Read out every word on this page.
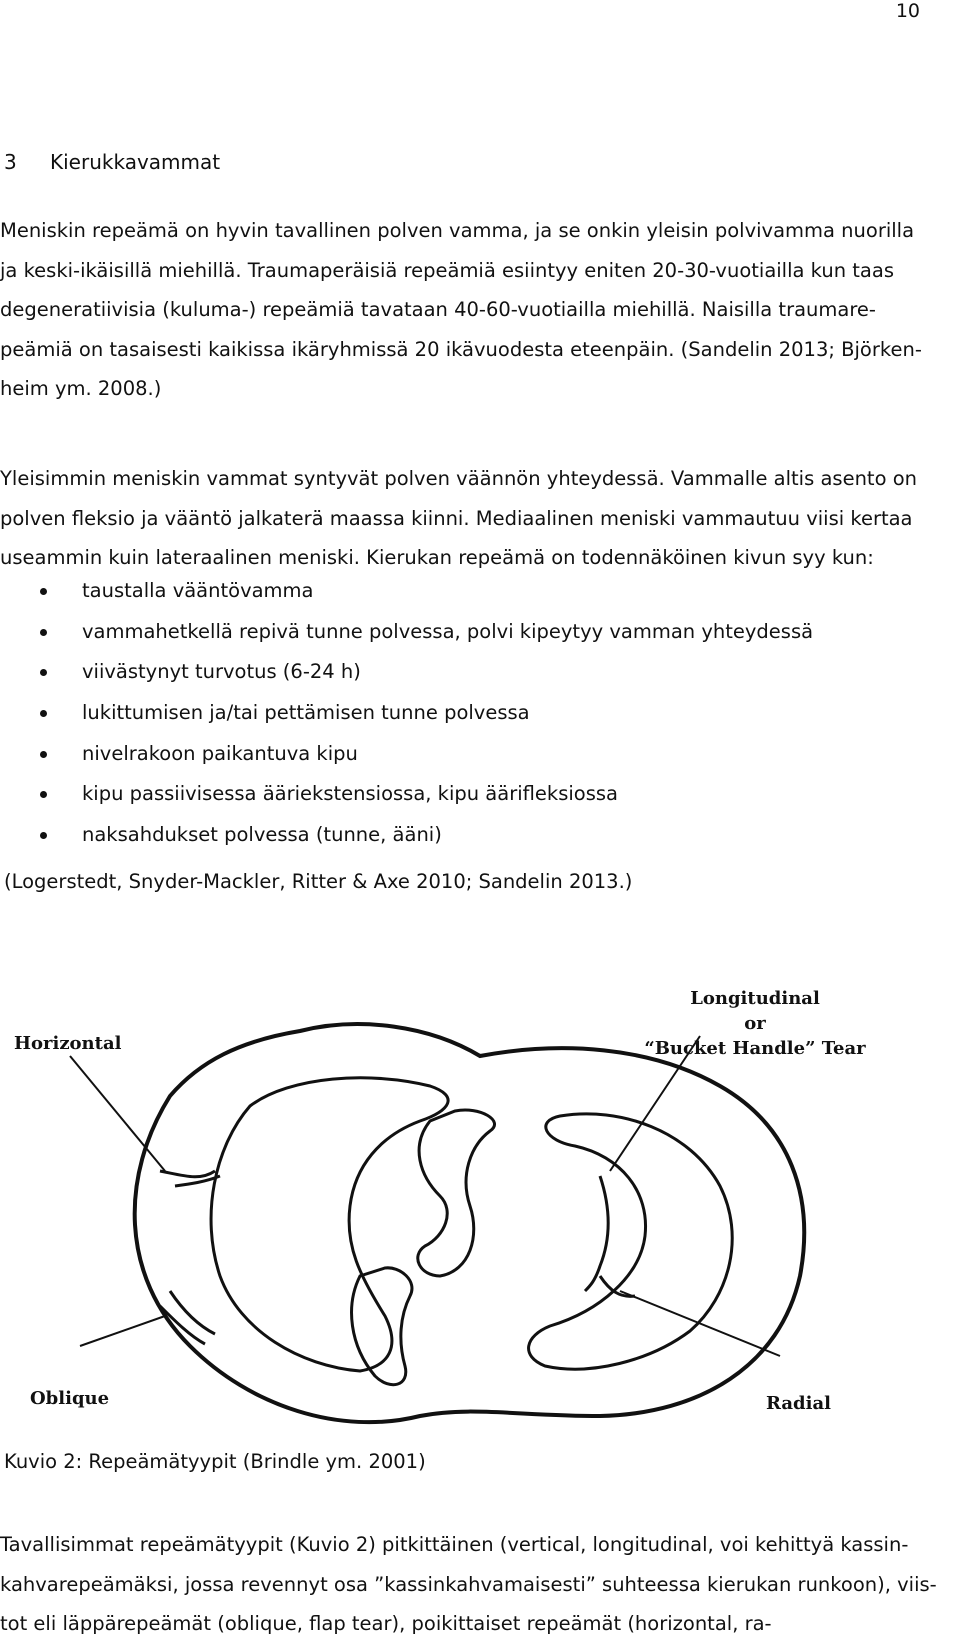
10
3 Kierukkavammat

Meniskin repeämä on hyvin tavallinen polven vamma, ja se onkin yleisin polvivamma nuorilla
ja keski-ikäisillä miehillä. Traumaperäisiä repeämiä esiintyy eniten 20-30-vuotiailla kun taas
degeneratiivisia (kuluma-) repeämiä tavataan 40-60-vuotiailla miehillä. Naisilla traumare-
peämiä on tasaisesti kaikissa ikäryhmissä 20 ikävuodesta eteenpäin. (Sandelin 2013; Björken-
heim ym. 2008.)

Yleisimmin meniskin vammat syntyvät polven väännön yhteydessä. Vammalle altis asento on
polven fleksio ja vääntö jalkaterä maassa kiinni. Mediaalinen meniski vammautuu viisi kertaa
useammin kuin lateraalinen meniski. Kierukan repeämä on todennäköinen kivun syy kun:

taustalla vääntövamma
vammahetkellä repivä tunne polvessa, polvi kipeytyy vamman yhteydessä
viivästynyt turvotus (6-24 h)
lukittumisen ja/tai pettämisen tunne polvessa
nivelrakoon paikantuva kipu
kipu passiivisessa ääriekstensiossa, kipu äärifleksiossa
naksahdukset polvessa (tunne, ääni)
(Logerstedt, Snyder-Mackler, Ritter & Axe 2010; Sandelin 2013.)
Longitudinal
or
“Bucket Handle” Tear
Horizontal
Oblique	Radial
Kuvio 2: Repeämätyypit (Brindle ym. 2001)

Tavallisimmat repeämätyypit (Kuvio 2) pitkittäinen (vertical, longitudinal, voi kehittyä kassin-
kahvarepeämäksi, jossa revennyt osa ”kassinkahvamaisesti” suhteessa kierukan runkoon), viis-
tot eli läppärepeämät (oblique, flap tear), poikittaiset repeämät (horizontal, ra-
